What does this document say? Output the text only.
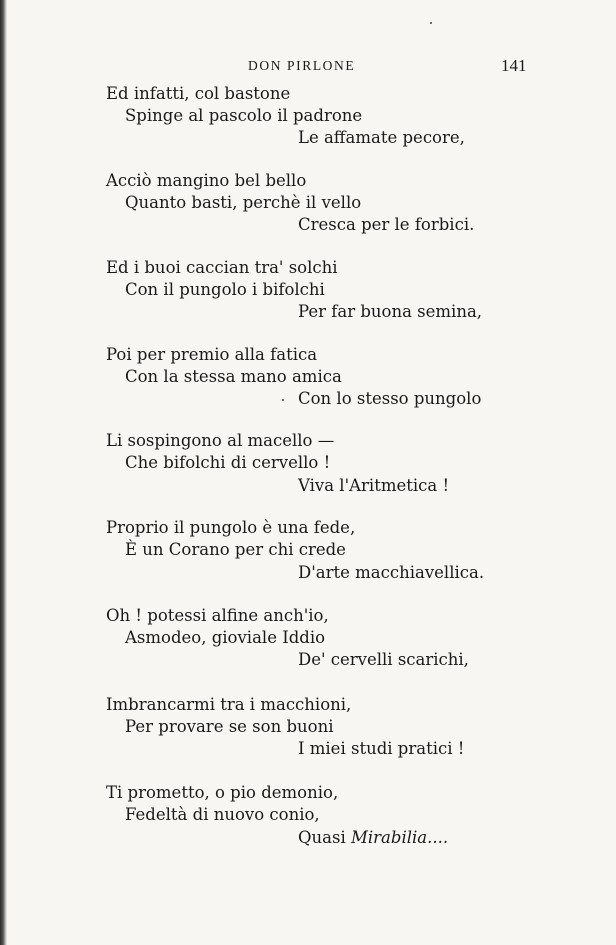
DON PIRLONE	141
Ed infatti, col bastone
Spinge al pascolo il padrone
Le affamate pecore,
Acciò mangino bel bello
Quanto basti, perchè il vello
Cresca per le forbici.
Ed i buoi caccian tra' solchi
Con il pungolo i bifolchi
Per far buona semina,
Poi per premio alla fatica
Con la stessa mano amica
Con lo stesso pungolo
Li sospingono al macello —
Che bifolchi di cervello !
Viva l'Aritmetica !
Proprio il pungolo è una fede,
È un Corano per chi crede
D'arte macchiavellica.
Oh ! potessi alfine anch'io,
Asmodeo, gioviale Iddio
De' cervelli scarichi,
Imbrancarmi tra i macchioni,
Per provare se son buoni
I miei studi pratici !
Ti prometto, o pio demonio,
Fedeltà di nuovo conio,
Quasi Mirabilia....
